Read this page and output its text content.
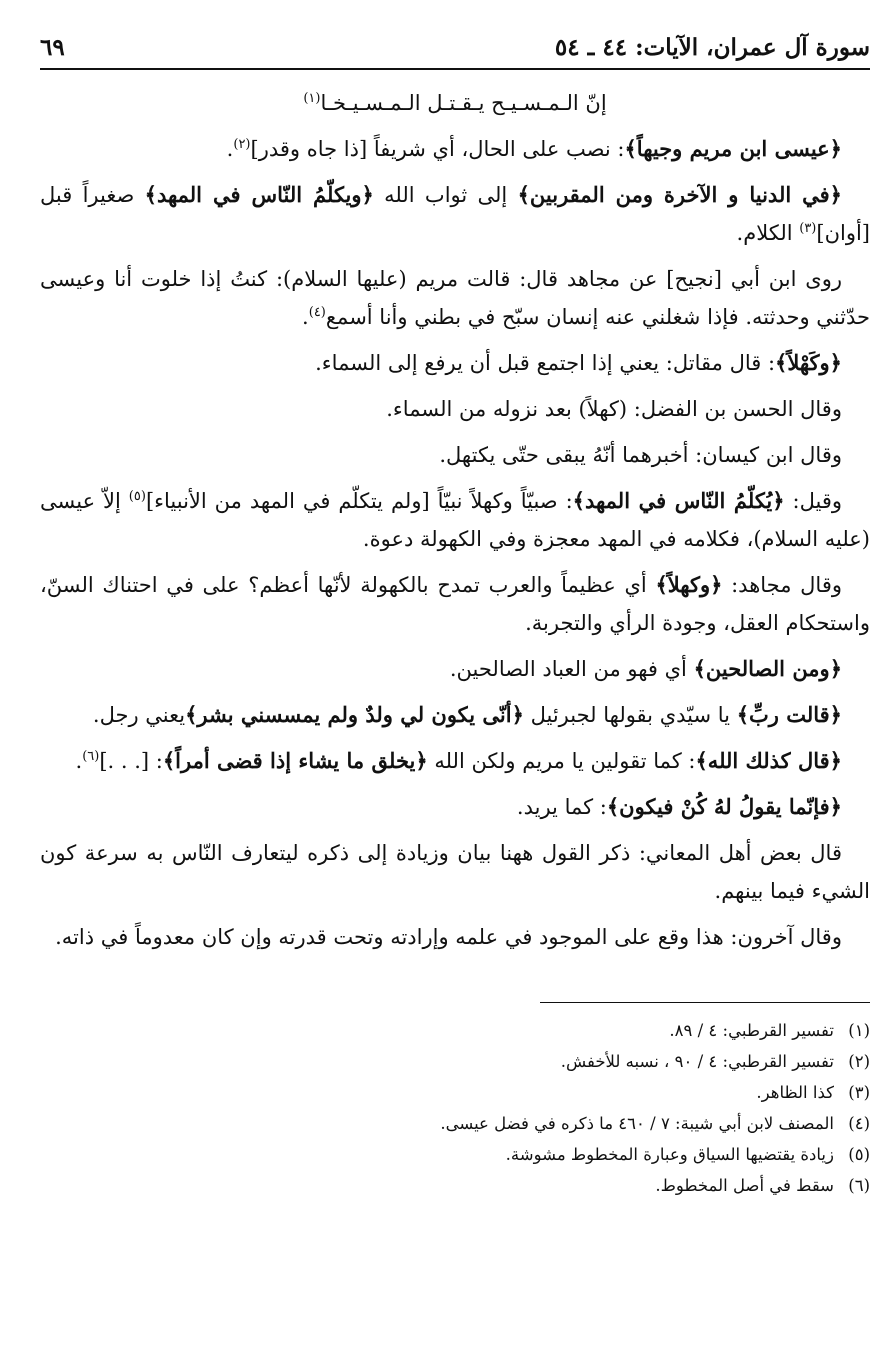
سورة آل عمران، الآيات: ٤٤ ـ ٥٤
٦٩

إنّ الـمـسـيـح يـقـتـل الـمـسـيـخـا$^{(١)}$

﴿عيسى ابن مريم وجيهاً﴾: نصب على الحال، أي شريفاً [ذا جاه وقدر]$^{(٢)}$.

﴿في الدنيا و الآخرة ومن المقربين﴾ إلى ثواب الله ﴿ويكلّمُ النّاس في المهد﴾ صغيراً قبل [أوان]$^{(٣)}$ الكلام.

روى ابن أبي [نجيح] عن مجاهد قال: قالت مريم (عليها السلام): كنتُ إذا خلوت أنا وعيسى حدّثني وحدثته. فإذا شغلني عنه إنسان سبّح في بطني وأنا أسمع$^{(٤)}$.

﴿وكَهْلاً﴾: قال مقاتل: يعني إذا اجتمع قبل أن يرفع إلى السماء.

وقال الحسن بن الفضل: (كهلاً) بعد نزوله من السماء.

وقال ابن كيسان: أخبرهما أنّهُ يبقى حتّى يكتهل.

وقيل: ﴿يُكلّمُ النّاس في المهد﴾: صبيّاً وكهلاً نبيّاً [ولم يتكلّم في المهد من الأنبياء]$^{(٥)}$ إلاّ عيسى (عليه السلام)، فكلامه في المهد معجزة وفي الكهولة دعوة.

وقال مجاهد: ﴿وكهلاً﴾ أي عظيماً والعرب تمدح بالكهولة لأنّها أعظم؟ على في احتناك السنّ، واستحكام العقل، وجودة الرأي والتجربة.

﴿ومن الصالحين﴾ أي فهو من العباد الصالحين.

﴿قالت ربِّ﴾ يا سيّدي بقولها لجبرئيل ﴿أنّى يكون لي ولدٌ ولم يمسسني بشر﴾يعني رجل.

﴿قال كذلك الله﴾: كما تقولين يا مريم ولكن الله ﴿يخلق ما يشاء إذا قضى أمراً﴾: [. . .]$^{(٦)}$.

﴿فإنّما يقولُ لهُ كُنْ فيكون﴾: كما يريد.

قال بعض أهل المعاني: ذكر القول ههنا بيان وزيادة إلى ذكره ليتعارف النّاس به سرعة كون الشيء فيما بينهم.

وقال آخرون: هذا وقع على الموجود في علمه وإرادته وتحت قدرته وإن كان معدوماً في ذاته.

(١)تفسير القرطبي: ٤ / ٨٩.

(٢)تفسير القرطبي: ٤ / ٩٠ ، نسبه للأخفش.

(٣)كذا الظاهر.

(٤)المصنف لابن أبي شيبة: ٧ / ٤٦٠ ما ذكره في فضل عيسى.

(٥)زيادة يقتضيها السياق وعبارة المخطوط مشوشة.

(٦)سقط في أصل المخطوط.
